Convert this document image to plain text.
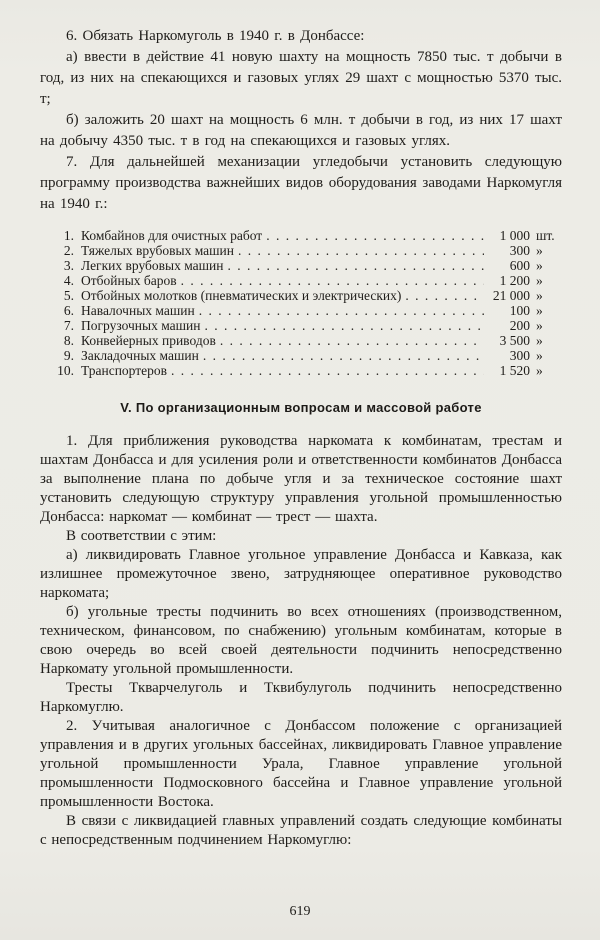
6. Обязать Наркомуголь в 1940 г. в Донбассе:

а) ввести в действие 41 новую шахту на мощность 7850 тыс. т добычи в год, из них на спекающихся и газовых углях 29 шахт с мощностью 5370 тыс. т;

б) заложить 20 шахт на мощность 6 млн. т добычи в год, из них 17 шахт на добычу 4350 тыс. т в год на спекающихся и газовых углях.

7. Для дальнейшей механизации угледобычи установить следующую программу производства важнейших видов оборудования заводами Наркомугля на 1940 г.:

1. Комбайнов для очистных работ . . .	1 000 шт.
2. Тяжелых врубовых машин . . .	300 »
3. Легких врубовых машин . . .	600 »
4. Отбойных баров . . .	1 200 »
5. Отбойных молотков (пневматических и электрических) . . .	21 000 »
6. Навалочных машин . . .	100 »
7. Погрузочных машин . . .	200 »
8. Конвейерных приводов . . .	3 500 »
9. Закладочных машин . . .	300 »
10. Транспортеров . . .	1 520 »
V. По организационным вопросам и массовой работе

1. Для приближения руководства наркомата к комбинатам, трестам и шахтам Донбасса и для усиления роли и ответственности комбинатов Донбасса за выполнение плана по добыче угля и за техническое состояние шахт установить следующую структуру управления угольной промышленностью Донбасса: наркомат — комбинат — трест — шахта.

В соответствии с этим:

а) ликвидировать Главное угольное управление Донбасса и Кавказа, как излишнее промежуточное звено, затрудняющее оперативное руководство наркомата;

б) угольные тресты подчинить во всех отношениях (производственном, техническом, финансовом, по снабжению) угольным комбинатам, которые в свою очередь во всей своей деятельности подчинить непосредственно Наркомату угольной промышленности.

Тресты Ткварчелуголь и Тквибулуголь подчинить непосредственно Наркомуглю.

2. Учитывая аналогичное с Донбассом положение с организацией управления и в других угольных бассейнах, ликвидировать Главное управление угольной промышленности Урала, Главное управление угольной промышленности Подмосковного бассейна и Главное управление угольной промышленности Востока.

В связи с ликвидацией главных управлений создать следующие комбинаты с непосредственным подчинением Наркомуглю:

619
